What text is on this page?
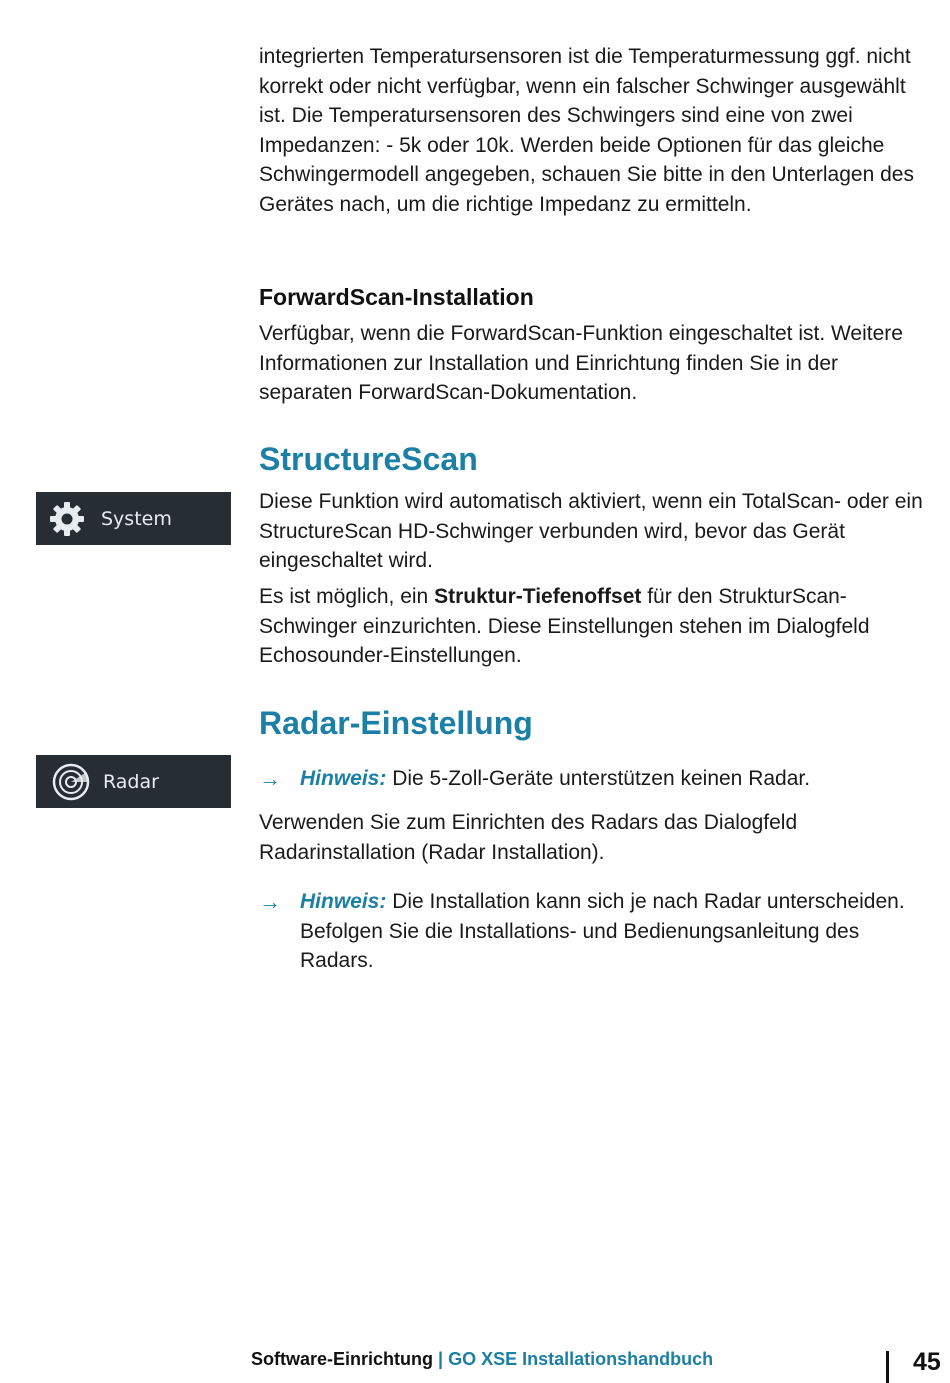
integrierten Temperatursensoren ist die Temperaturmessung ggf. nicht korrekt oder nicht verfügbar, wenn ein falscher Schwinger ausgewählt ist. Die Temperatursensoren des Schwingers sind eine von zwei Impedanzen: - 5k oder 10k. Werden beide Optionen für das gleiche Schwingermodell angegeben, schauen Sie bitte in den Unterlagen des Gerätes nach, um die richtige Impedanz zu ermitteln.

ForwardScan-Installation

Verfügbar, wenn die ForwardScan-Funktion eingeschaltet ist. Weitere Informationen zur Installation und Einrichtung finden Sie in der separaten ForwardScan-Dokumentation.

StructureScan

Diese Funktion wird automatisch aktiviert, wenn ein TotalScan- oder ein StructureScan HD-Schwinger verbunden wird, bevor das Gerät eingeschaltet wird.

Es ist möglich, ein Struktur-Tiefenoffset für den StrukturScan-Schwinger einzurichten. Diese Einstellungen stehen im Dialogfeld Echosounder-Einstellungen.

System
Radar-Einstellung
Radar	→ Hinweis: Die 5-Zoll-Geräte unterstützen keinen Radar.

Verwenden Sie zum Einrichten des Radars das Dialogfeld Radarinstallation (Radar Installation).

→ Hinweis: Die Installation kann sich je nach Radar unterscheiden. Befolgen Sie die Installations- und Bedienungsanleitung des Radars.
Software-Einrichtung | GO XSE Installationshandbuch	45
